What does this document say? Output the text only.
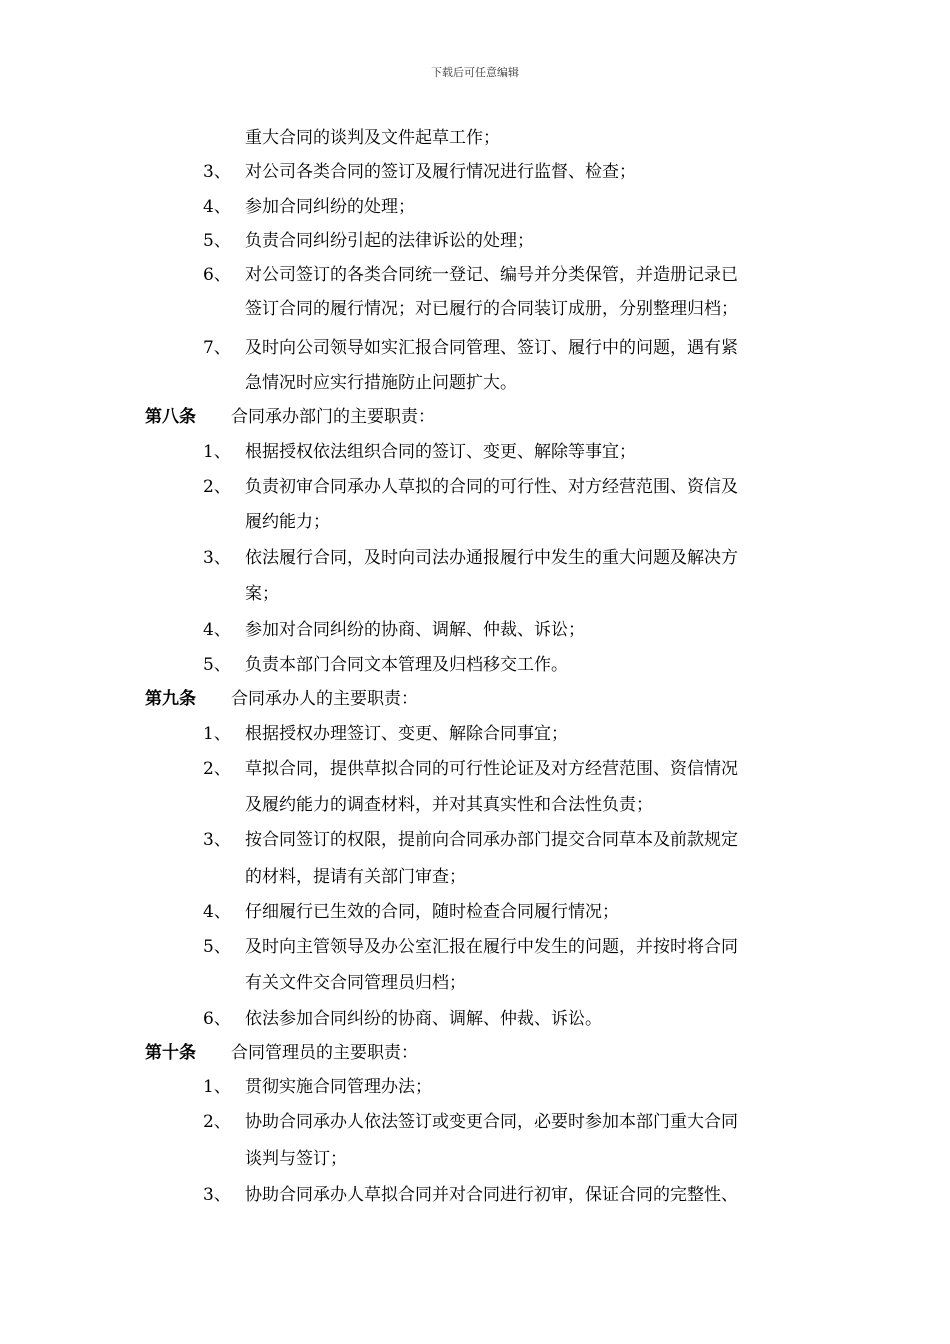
下载后可任意编辑
重大合同的谈判及文件起草工作；
3、 对公司各类合同的签订及履行情况进行监督、检查；
4、 参加合同纠纷的处理；
5、 负责合同纠纷引起的法律诉讼的处理；
6、 对公司签订的各类合同统一登记、编号并分类保管，并造册记录已
签订合同的履行情况；对已履行的合同装订成册，分别整理归档；
7、 及时向公司领导如实汇报合同管理、签订、履行中的问题，遇有紧
急情况时应实行措施防止问题扩大。
第八条 合同承办部门的主要职责：
1、 根据授权依法组织合同的签订、变更、解除等事宜；
2、 负责初审合同承办人草拟的合同的可行性、对方经营范围、资信及
履约能力；
3、 依法履行合同，及时向司法办通报履行中发生的重大问题及解决方
案；
4、 参加对合同纠纷的协商、调解、仲裁、诉讼；
5、 负责本部门合同文本管理及归档移交工作。
第九条 合同承办人的主要职责：
1、 根据授权办理签订、变更、解除合同事宜；
2、 草拟合同，提供草拟合同的可行性论证及对方经营范围、资信情况
及履约能力的调查材料，并对其真实性和合法性负责；
3、 按合同签订的权限，提前向合同承办部门提交合同草本及前款规定
的材料，提请有关部门审查；
4、 仔细履行已生效的合同，随时检查合同履行情况；
5、 及时向主管领导及办公室汇报在履行中发生的问题，并按时将合同
有关文件交合同管理员归档；
6、 依法参加合同纠纷的协商、调解、仲裁、诉讼。
第十条 合同管理员的主要职责：
1、 贯彻实施合同管理办法；
2、 协助合同承办人依法签订或变更合同，必要时参加本部门重大合同
谈判与签订；
3、 协助合同承办人草拟合同并对合同进行初审，保证合同的完整性、
